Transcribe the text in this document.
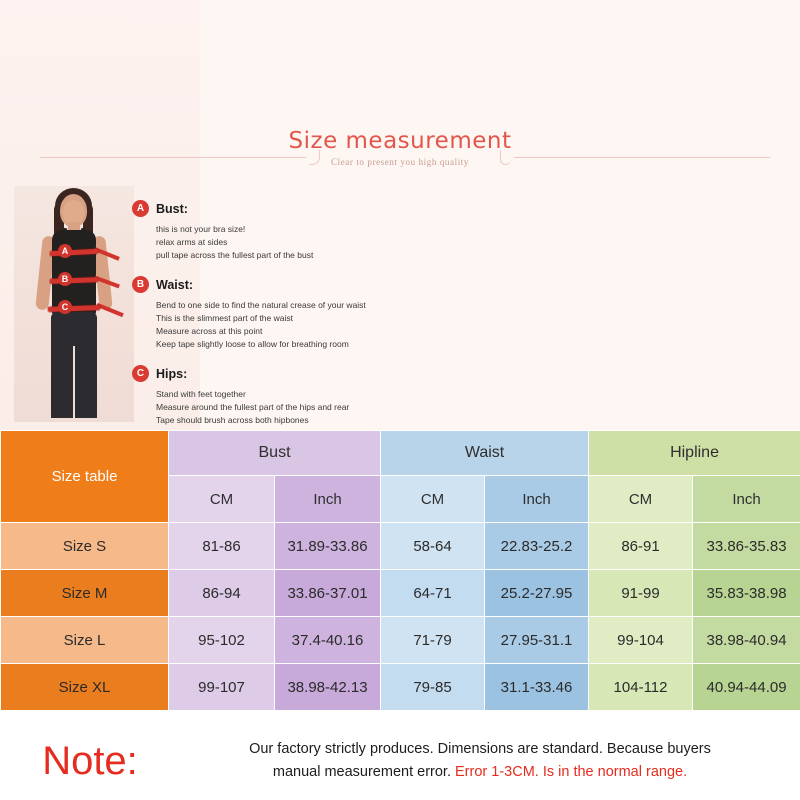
Size measurement
Clear to present you high quality
A
B
C
A Bust:
this is not your bra size!
relax arms at sides
pull tape across the fullest part of the bust
B Waist:
Bend to one side to find the natural crease of your waist
This is the slimmest part of the waist
Measure across at this point
Keep tape slightly loose to allow for breathing room
C Hips:
Stand with feet together
Measure around the fullest part of the hips and rear
Tape should brush across both hipbones
Size table	Bust		Waist		Hipline	
	CM	Inch	CM	Inch	CM	Inch
Size S	81-86	31.89-33.86	58-64	22.83-25.2	86-91	33.86-35.83
Size M	86-94	33.86-37.01	64-71	25.2-27.95	91-99	35.83-38.98
Size L	95-102	37.4-40.16	71-79	27.95-31.1	99-104	38.98-40.94
Size XL	99-107	38.98-42.13	79-85	31.1-33.46	104-112	40.94-44.09
Note:	Our factory strictly produces. Dimensions are standard. Because buyers
manual measurement error. Error 1-3CM. Is in the normal range.
